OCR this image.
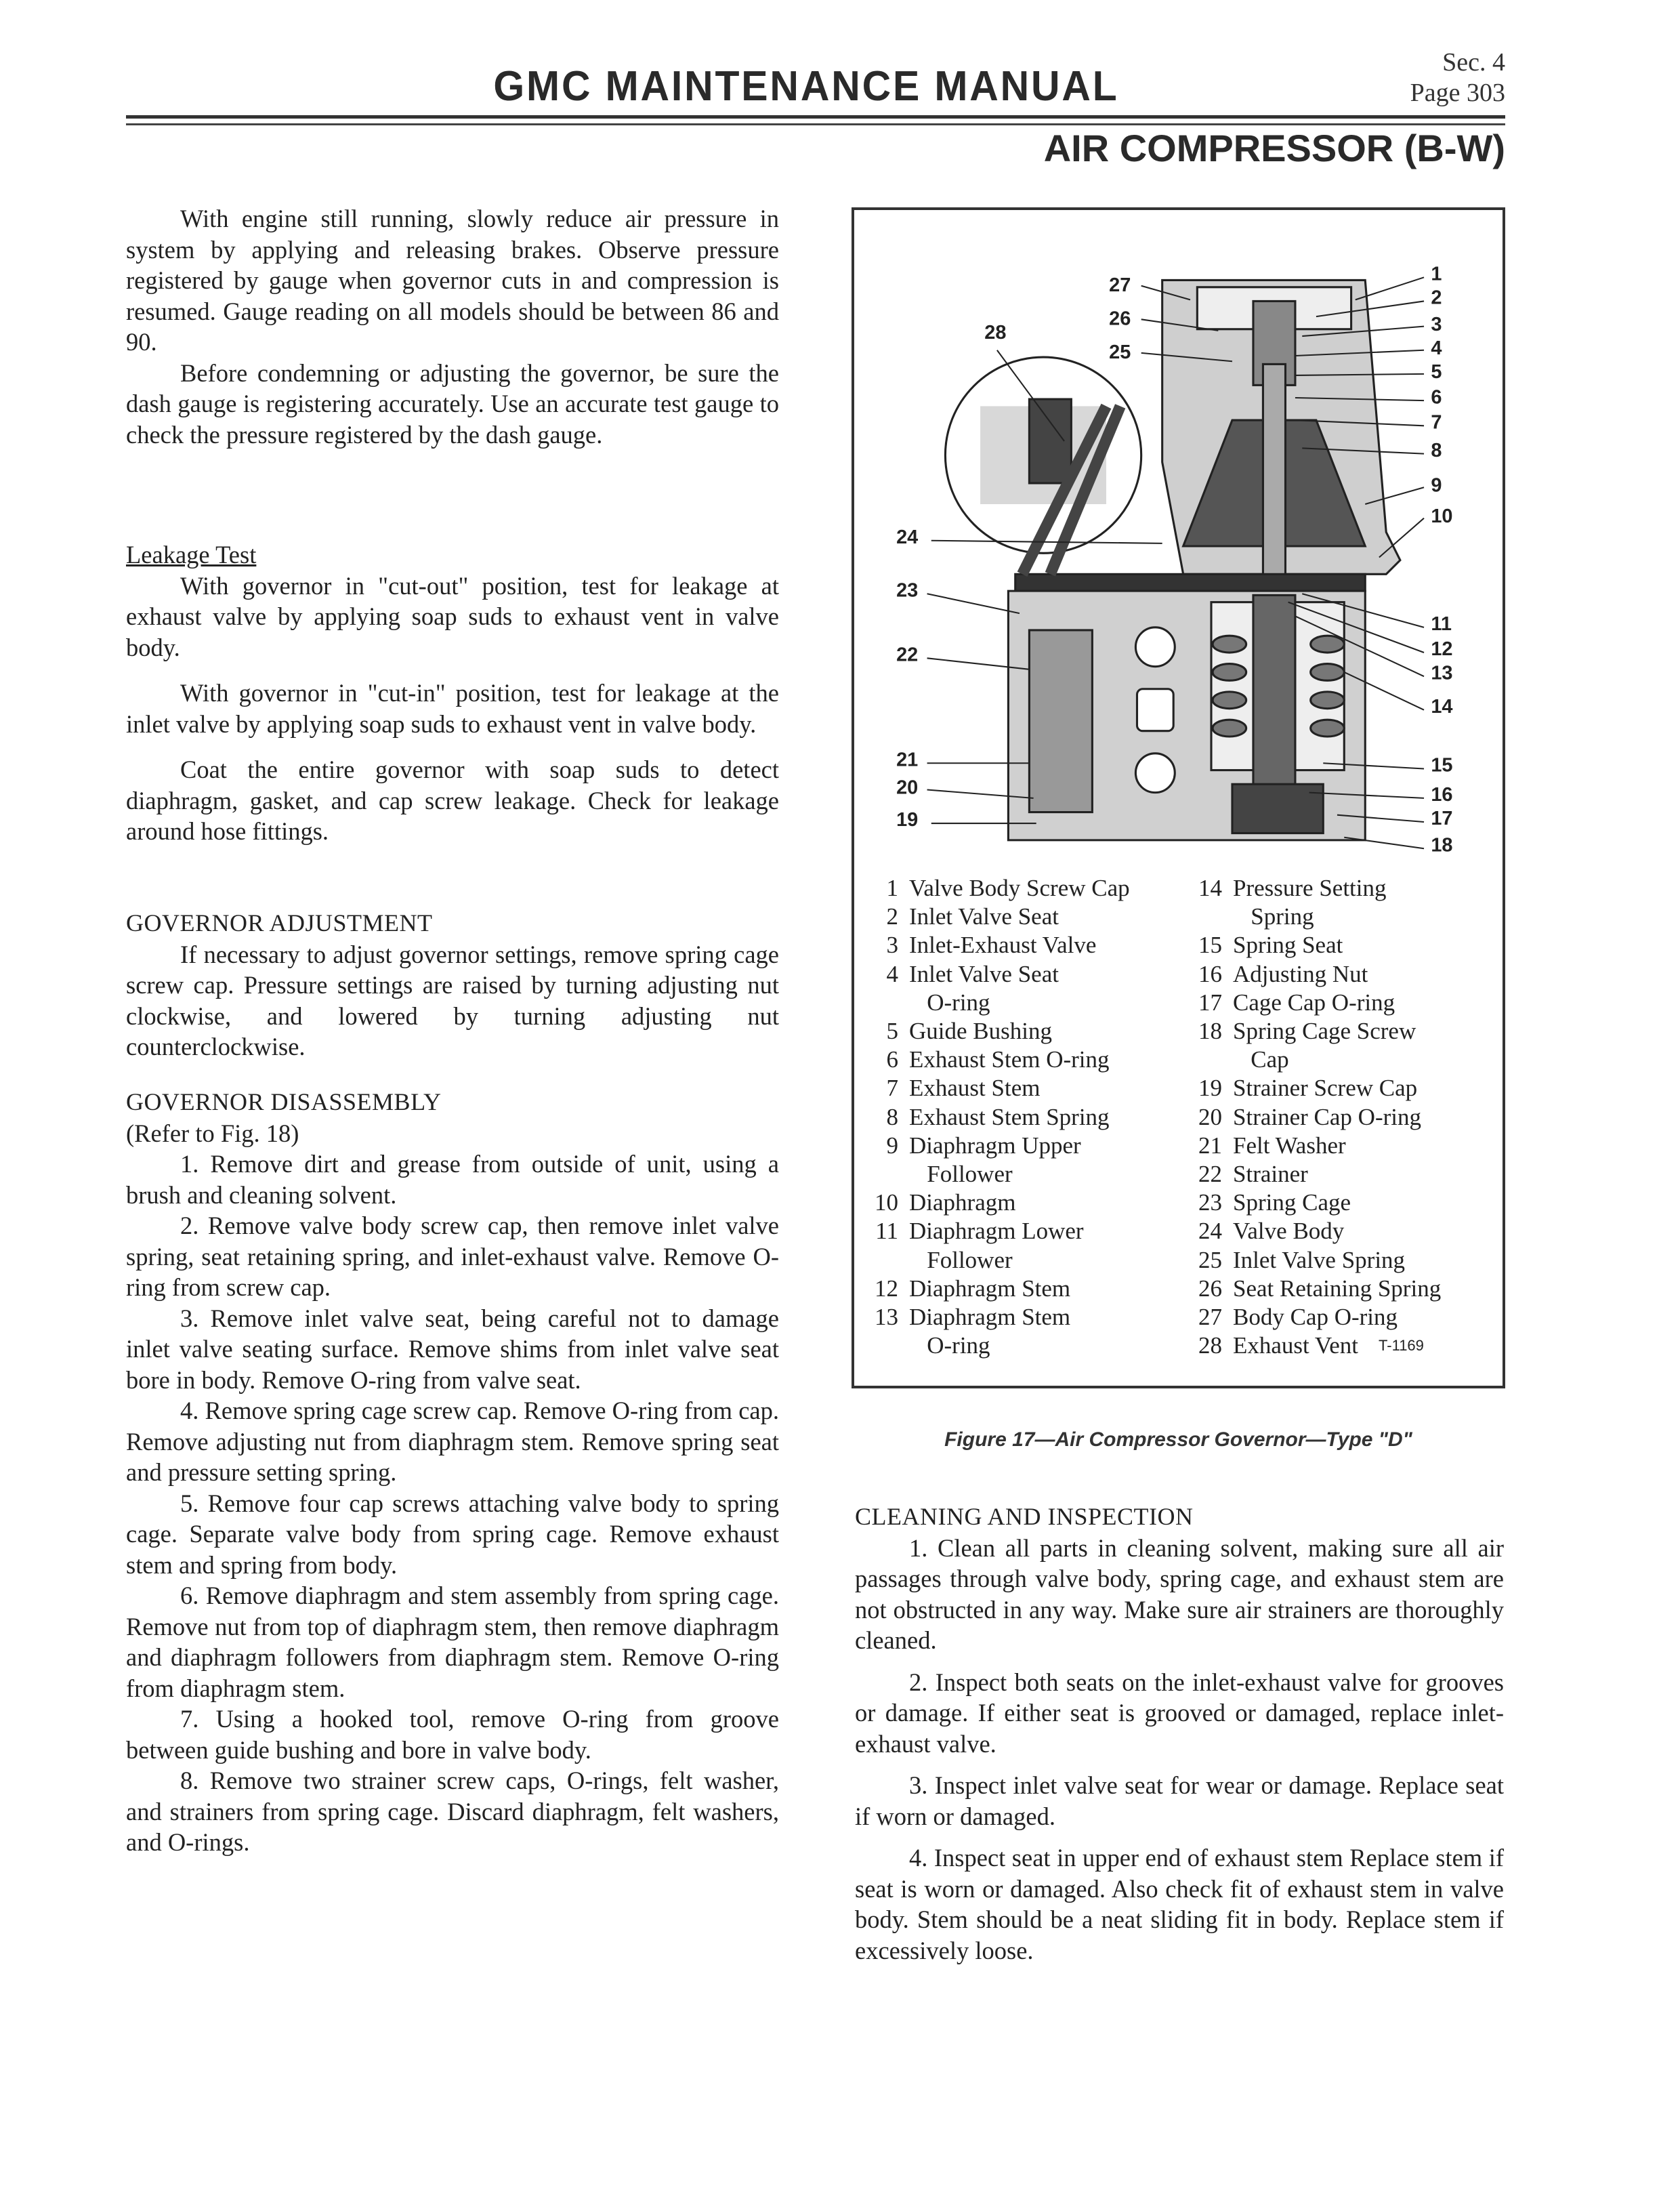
GMC MAINTENANCE MANUAL
Sec. 4
Page 303
AIR COMPRESSOR (B-W)

With engine still running, slowly reduce air pressure in system by applying and releasing brakes. Observe pressure registered by gauge when governor cuts in and compression is resumed. Gauge reading on all models should be between 86 and 90.

Before condemning or adjusting the governor, be sure the dash gauge is registering accurately. Use an accurate test gauge to check the pressure registered by the dash gauge.

Leakage Test

With governor in "cut-out" position, test for leakage at exhaust valve by applying soap suds to exhaust vent in valve body.

With governor in "cut-in" position, test for leakage at the inlet valve by applying soap suds to exhaust vent in valve body.

Coat the entire governor with soap suds to detect diaphragm, gasket, and cap screw leakage. Check for leakage around hose fittings.

GOVERNOR ADJUSTMENT

If necessary to adjust governor settings, remove spring cage screw cap. Pressure settings are raised by turning adjusting nut clockwise, and lowered by turning adjusting nut counterclockwise.

GOVERNOR DISASSEMBLY
(Refer to Fig. 18)

1. Remove dirt and grease from outside of unit, using a brush and cleaning solvent.

2. Remove valve body screw cap, then remove inlet valve spring, seat retaining spring, and inlet-exhaust valve. Remove O-ring from screw cap.

3. Remove inlet valve seat, being careful not to damage inlet valve seating surface. Remove shims from inlet valve seat bore in body. Remove O-ring from valve seat.

4. Remove spring cage screw cap. Remove O-ring from cap. Remove adjusting nut from diaphragm stem. Remove spring seat and pressure setting spring.

5. Remove four cap screws attaching valve body to spring cage. Separate valve body from spring cage. Remove exhaust stem and spring from body.

6. Remove diaphragm and stem assembly from spring cage. Remove nut from top of diaphragm stem, then remove diaphragm and diaphragm followers from diaphragm stem. Remove O-ring from diaphragm stem.

7. Using a hooked tool, remove O-ring from groove between guide bushing and bore in valve body.

8. Remove two strainer screw caps, O-rings, felt washer, and strainers from spring cage. Discard diaphragm, felt washers, and O-rings.

1
2
3
4
5
6
7
8
9
10
11
12
13
14
15
16
17
18
19
20
21
22
23
24
25
26
27
28
1 Valve Body Screw Cap
2 Inlet Valve Seat
3 Inlet-Exhaust Valve
4 Inlet Valve Seat
O-ring
5 Guide Bushing
6 Exhaust Stem O-ring
7 Exhaust Stem
8 Exhaust Stem Spring
9 Diaphragm Upper
Follower
10 Diaphragm
11 Diaphragm Lower
Follower
12 Diaphragm Stem
13 Diaphragm Stem
O-ring
14 Pressure Setting
Spring
15 Spring Seat
16 Adjusting Nut
17 Cage Cap O-ring
18 Spring Cage Screw
Cap
19 Strainer Screw Cap
20 Strainer Cap O-ring
21 Felt Washer
22 Strainer
23 Spring Cage
24 Valve Body
25 Inlet Valve Spring
26 Seat Retaining Spring
27 Body Cap O-ring
28 Exhaust Vent T-1169
Figure 17—Air Compressor Governor—Type "D"
CLEANING AND INSPECTION

1. Clean all parts in cleaning solvent, making sure all air passages through valve body, spring cage, and exhaust stem are not obstructed in any way. Make sure air strainers are thoroughly cleaned.

2. Inspect both seats on the inlet-exhaust valve for grooves or damage. If either seat is grooved or damaged, replace inlet-exhaust valve.

3. Inspect inlet valve seat for wear or damage. Replace seat if worn or damaged.

4. Inspect seat in upper end of exhaust stem Replace stem if seat is worn or damaged. Also check fit of exhaust stem in valve body. Stem should be a neat sliding fit in body. Replace stem if excessively loose.
